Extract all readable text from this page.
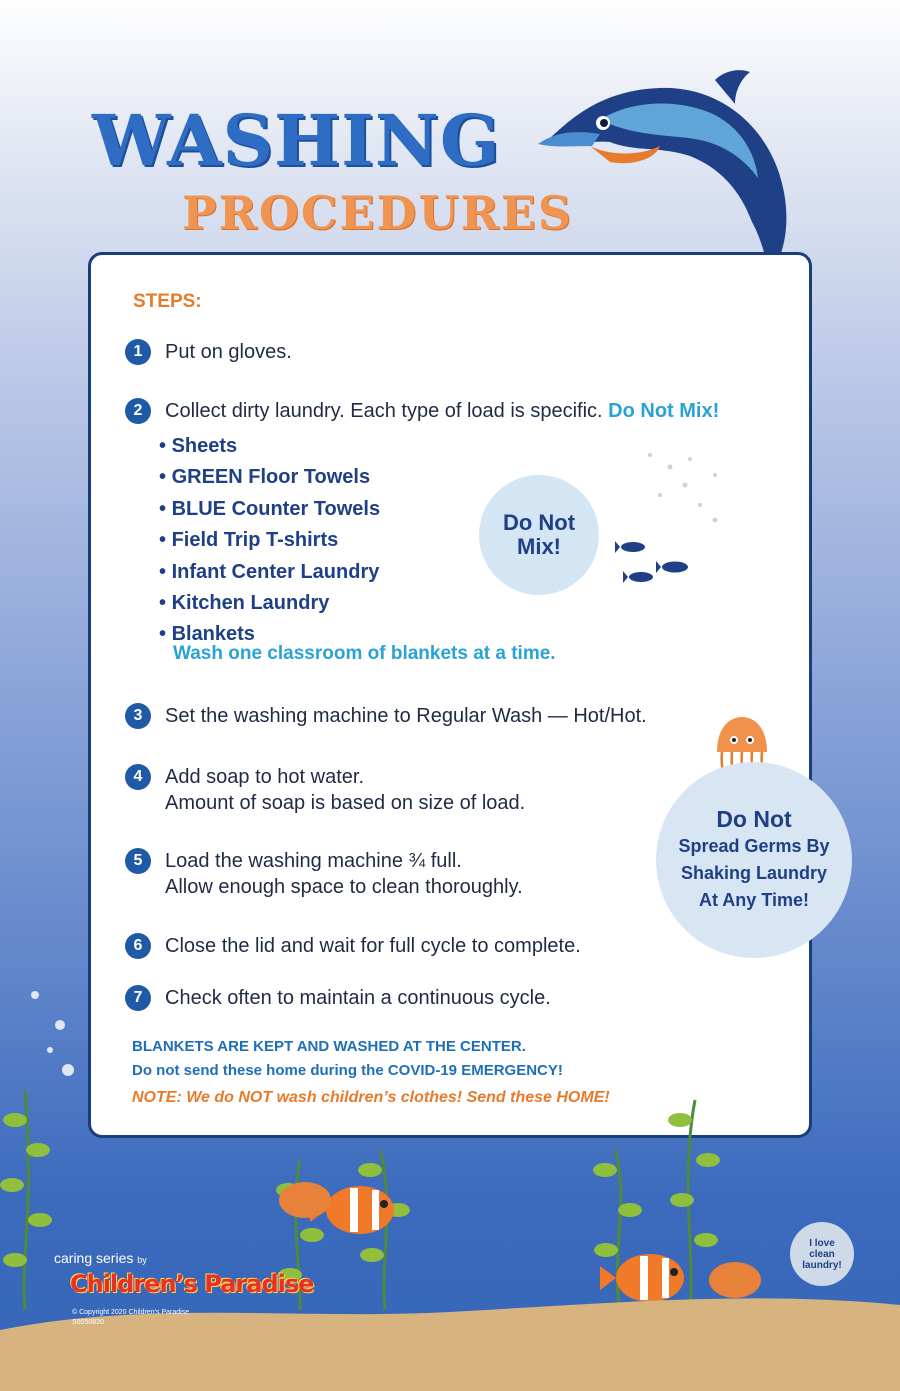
WASHING
PROCEDURES
STEPS:
1	Put on gloves.
2	Collect dirty laundry. Each type of load is specific. Do Not Mix!
• Sheets
• GREEN Floor Towels
• BLUE Counter Towels
• Field Trip T-shirts
• Infant Center Laundry
• Kitchen Laundry
• Blankets
Wash one classroom of blankets at a time.
3	Set the washing machine to Regular Wash — Hot/Hot.
4	Add soap to hot water.
Amount of soap is based on size of load.
5	Load the washing machine ¾ full.
Allow enough space to clean thoroughly.
6	Close the lid and wait for full cycle to complete.
7	Check often to maintain a continuous cycle.
BLANKETS ARE KEPT AND WASHED AT THE CENTER.
Do not send these home during the COVID-19 EMERGENCY!
NOTE: We do NOT wash children’s clothes! Send these HOME!
Do Not
Mix!
Do Not
Spread Germs By
Shaking Laundry
At Any Time!
I love
clean
laundry!
caring series by
Children’s Paradise
© Copyright 2020 Children’s Paradise
S0050820
